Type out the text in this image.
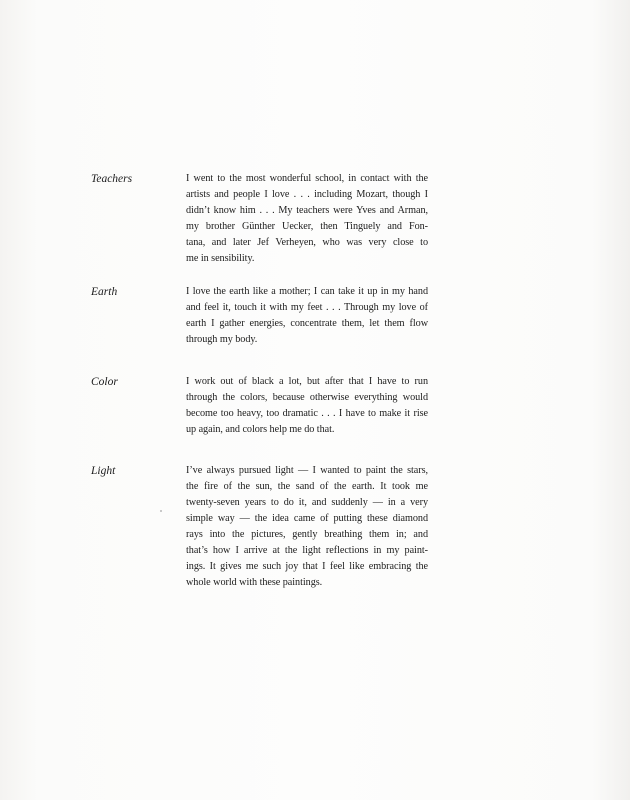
Teachers	I went to the most wonderful school, in contact with the
artists and people I love . . . including Mozart, though I
didn’t know him . . . My teachers were Yves and Arman,
my brother Günther Uecker, then Tinguely and Fon-
tana, and later Jef Verheyen, who was very close to
me in sensibility.

Earth	I love the earth like a mother; I can take it up in my hand
and feel it, touch it with my feet . . . Through my love of
earth I gather energies, concentrate them, let them flow
through my body.

Color	I work out of black a lot, but after that I have to run
through the colors, because otherwise everything would
become too heavy, too dramatic . . . I have to make it rise
up again, and colors help me do that.

Light	I’ve always pursued light — I wanted to paint the stars,
the fire of the sun, the sand of the earth. It took me
twenty-seven years to do it, and suddenly — in a very
simple way — the idea came of putting these diamond
rays into the pictures, gently breathing them in; and
that’s how I arrive at the light reflections in my paint-
ings. It gives me such joy that I feel like embracing the
whole world with these paintings.
